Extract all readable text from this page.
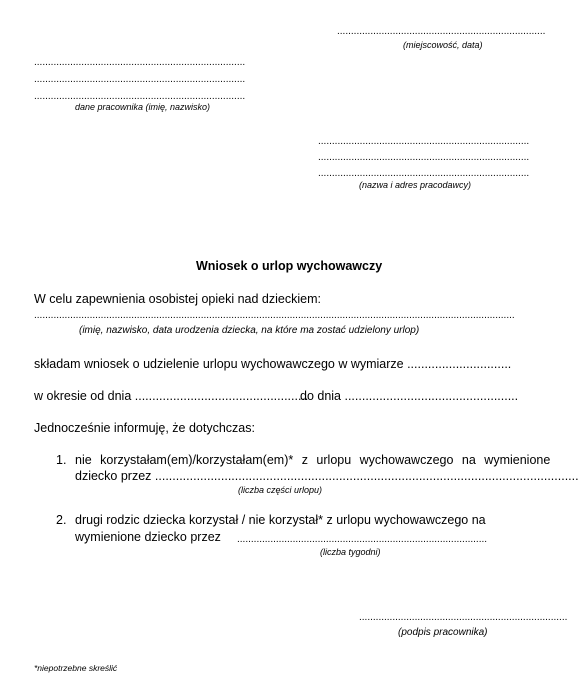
...........................................................................
(miejscowość, data)
............................................................................
............................................................................
............................................................................
dane pracownika (imię, nazwisko)
............................................................................
............................................................................
............................................................................
(nazwa i adres pracodawcy)
Wniosek o urlop wychowawczy
W celu zapewnienia osobistej opieki nad dzieckiem:
.............................................................................................................................................................................
(imię, nazwisko, data urodzenia dziecka, na które ma zostać udzielony urlop)
składam wniosek o udzielenie urlopu wychowawczego w wymiarze ..............................
w okresie od dnia ..................................................
do dnia ..................................................
Jednocześnie informuję, że dotychczas:
1. nie korzystałam(em)/korzystałam(em)* z urlopu wychowawczego na wymienione
dziecko przez ..........................................................................................................................
(liczba części urlopu)
2. drugi rodzic dziecka korzystał / nie korzystał* z urlopu wychowawczego na
wymienione dziecko przez ..........................................................................................
(liczba tygodni)
...........................................................................
(podpis pracownika)
*niepotrzebne skreślić
